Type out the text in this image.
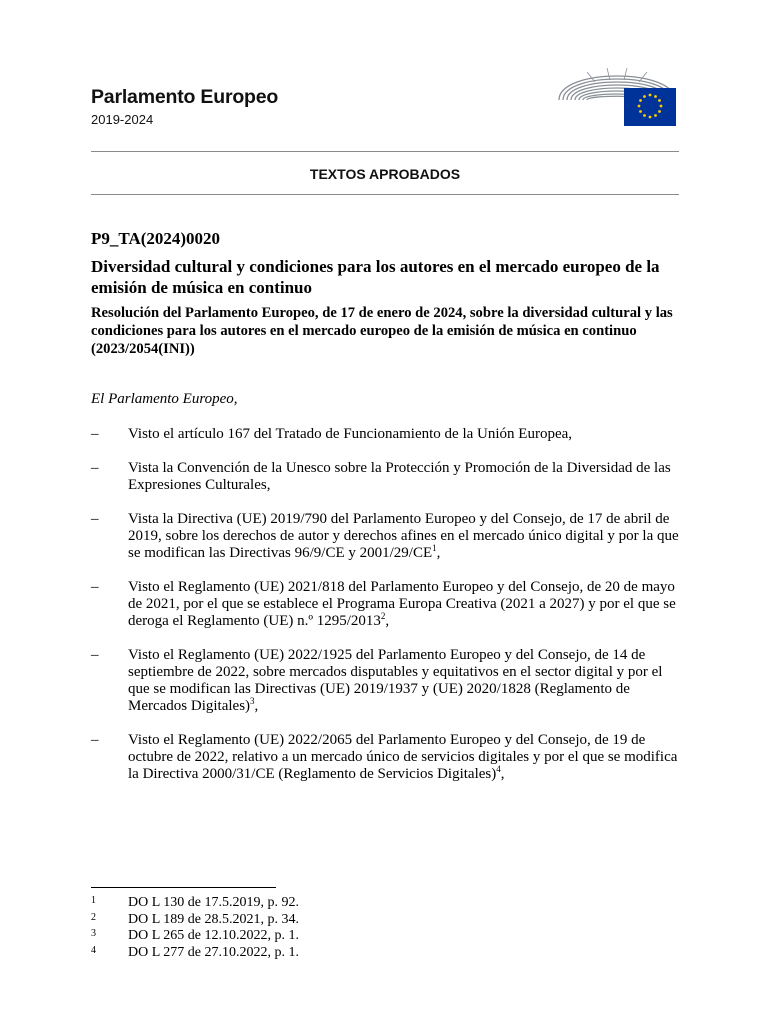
Parlamento Europeo
2019-2024
TEXTOS APROBADOS
P9_TA(2024)0020
Diversidad cultural y condiciones para los autores en el mercado europeo de la emisión de música en continuo
Resolución del Parlamento Europeo, de 17 de enero de 2024, sobre la diversidad cultural y las condiciones para los autores en el mercado europeo de la emisión de música en continuo (2023/2054(INI))
El Parlamento Europeo,
– Visto el artículo 167 del Tratado de Funcionamiento de la Unión Europea,
– Vista la Convención de la Unesco sobre la Protección y Promoción de la Diversidad de las Expresiones Culturales,
– Vista la Directiva (UE) 2019/790 del Parlamento Europeo y del Consejo, de 17 de abril de 2019, sobre los derechos de autor y derechos afines en el mercado único digital y por la que se modifican las Directivas 96/9/CE y $2001/29/CE^1$,
– Visto el Reglamento (UE) 2021/818 del Parlamento Europeo y del Consejo, de 20 de mayo de 2021, por el que se establece el Programa Europa Creativa (2021 a 2027) y por el que se deroga el Reglamento (UE) n.º 1295/2013$^2$,
– Visto el Reglamento (UE) 2022/1925 del Parlamento Europeo y del Consejo, de 14 de septiembre de 2022, sobre mercados disputables y equitativos en el sector digital y por el que se modifican las Directivas (UE) 2019/1937 y (UE) 2020/1828 (Reglamento de Mercados Digitales)$^3$,
– Visto el Reglamento (UE) 2022/2065 del Parlamento Europeo y del Consejo, de 19 de octubre de 2022, relativo a un mercado único de servicios digitales y por el que se modifica la Directiva 2000/31/CE (Reglamento de Servicios Digitales)$^4$,
1 DO L 130 de 17.5.2019, p. 92.
2 DO L 189 de 28.5.2021, p. 34.
3 DO L 265 de 12.10.2022, p. 1.
4 DO L 277 de 27.10.2022, p. 1.
